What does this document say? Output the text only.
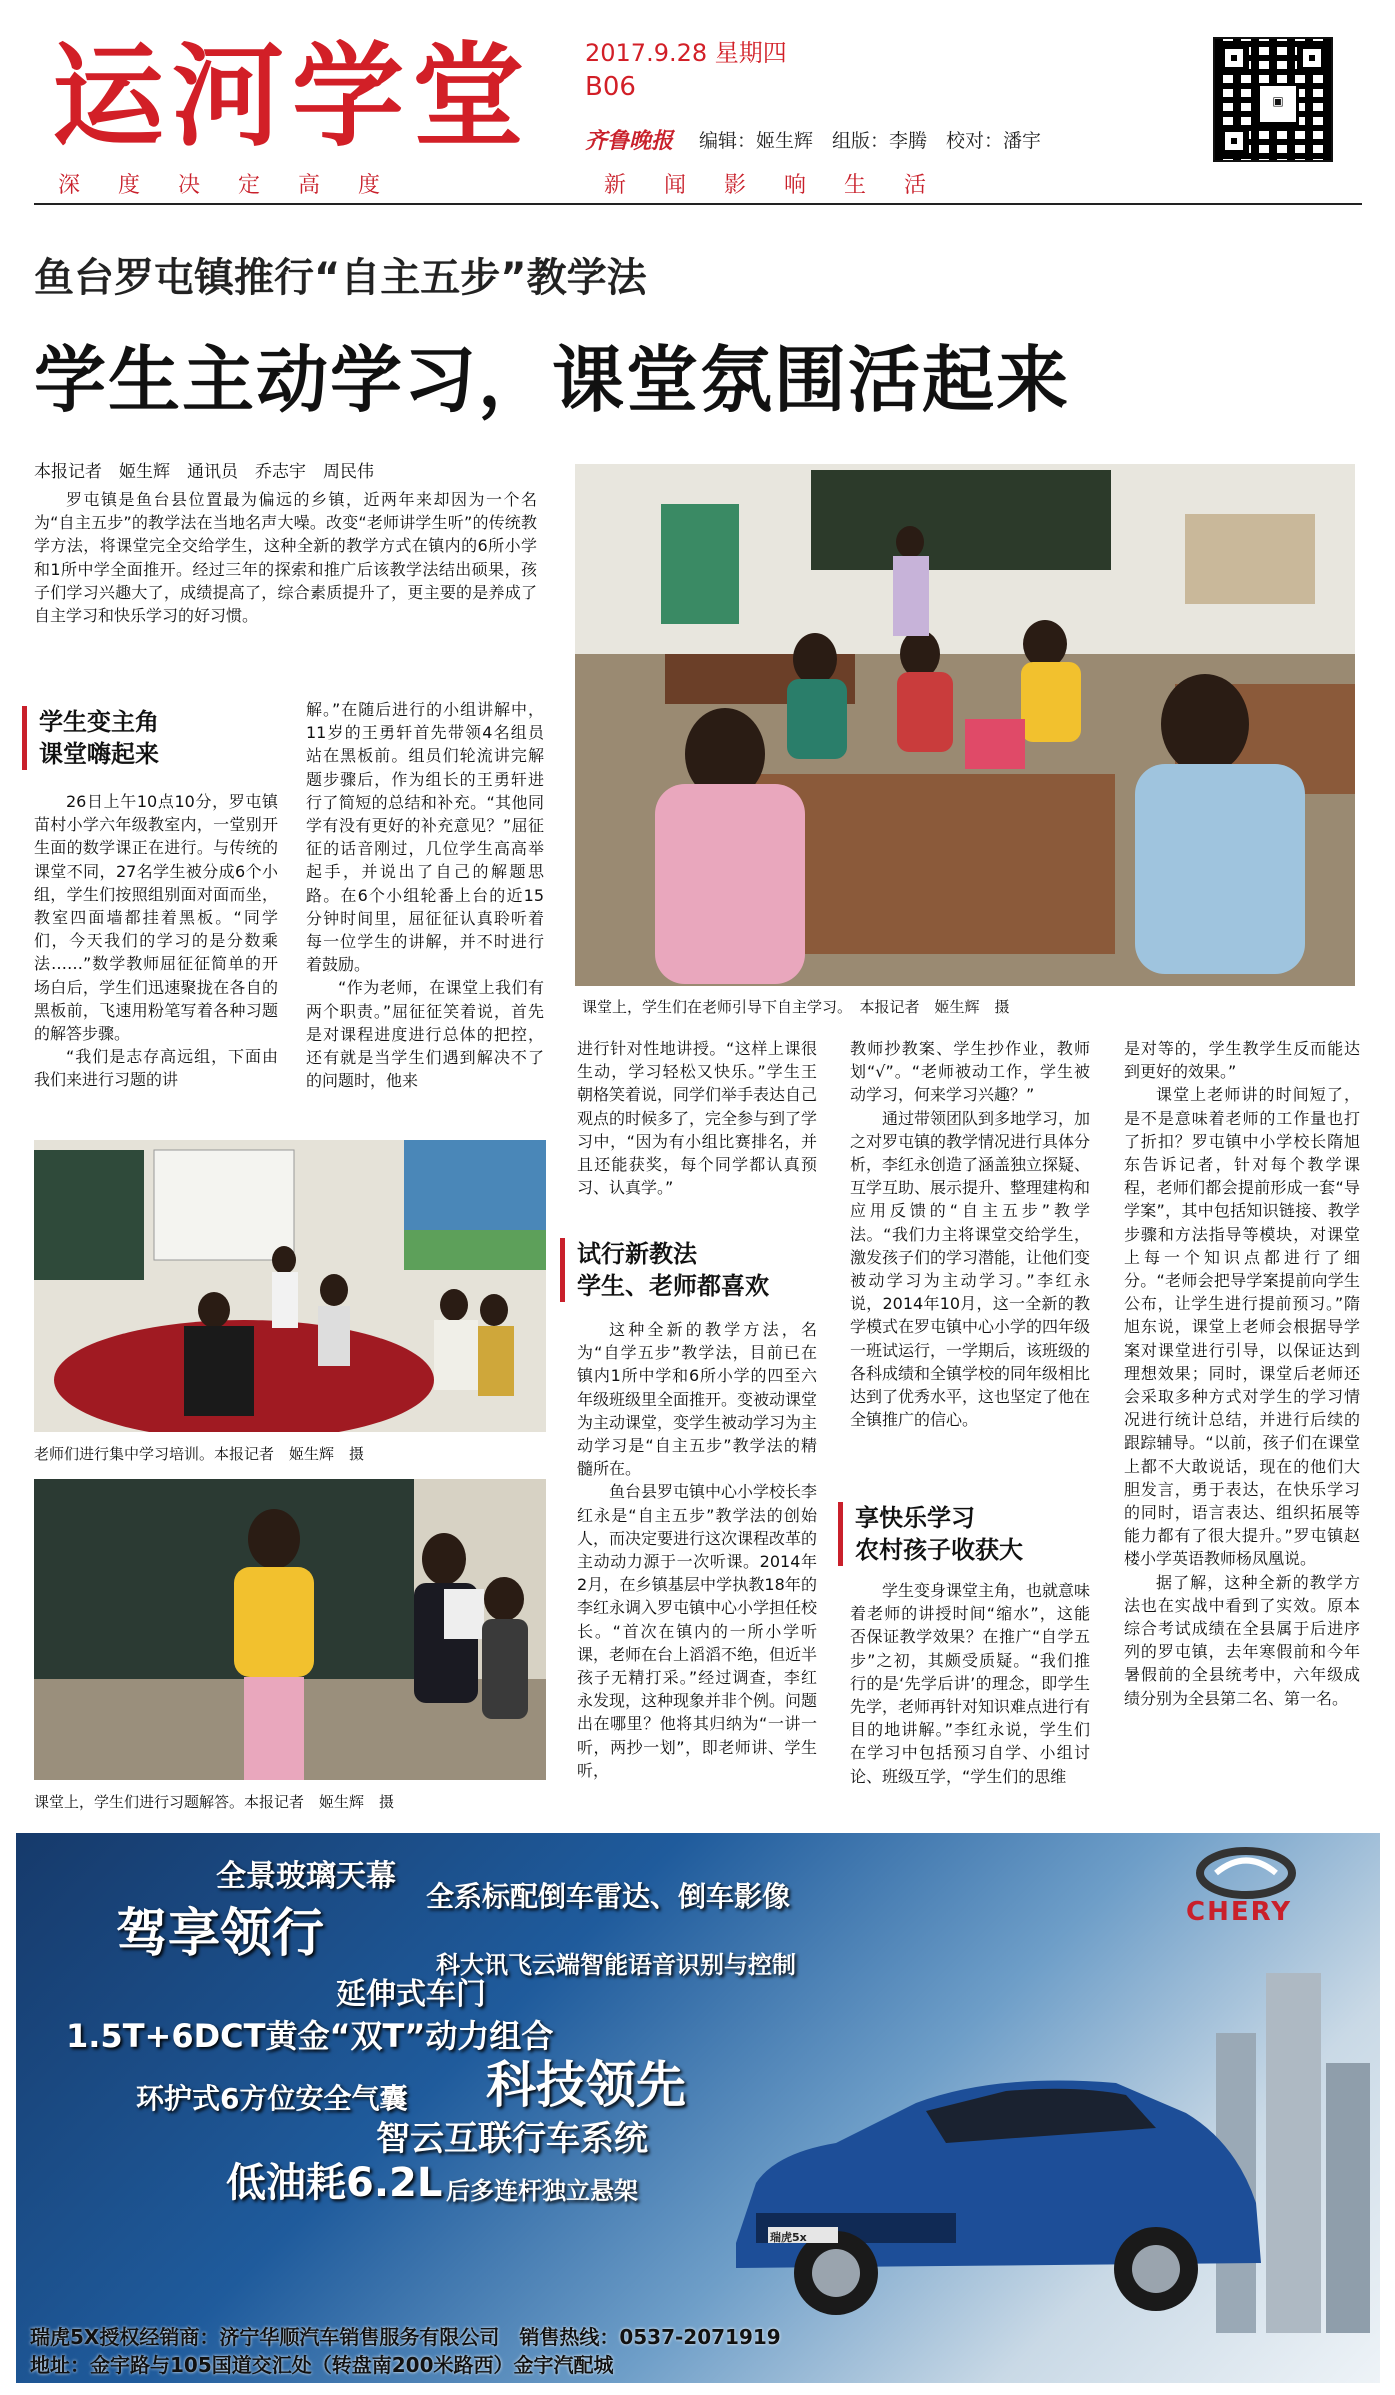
运河学堂 2017.9.28 星期四
B06
齐鲁晚报 编辑：姬生辉　组版：李腾　校对：潘宇
▣
深度决定高度	新闻影响生活
鱼台罗屯镇推行“自主五步”教学法
学生主动学习，课堂氛围活起来
本报记者　姬生辉　通讯员　乔志宇　周民伟

罗屯镇是鱼台县位置最为偏远的乡镇，近两年来却因为一个名为“自主五步”的教学法在当地名声大噪。改变“老师讲学生听”的传统教学方法，将课堂完全交给学生，这种全新的教学方式在镇内的6所小学和1所中学全面推开。经过三年的探索和推广后该教学法结出硕果，孩子们学习兴趣大了，成绩提高了，综合素质提升了，更主要的是养成了自主学习和快乐学习的好习惯。

学生变主角
课堂嗨起来

26日上午10点10分，罗屯镇苗村小学六年级教室内，一堂别开生面的数学课正在进行。与传统的课堂不同，27名学生被分成6个小组，学生们按照组别面对面而坐，教室四面墙都挂着黑板。“同学们，今天我们的学习的是分数乘法……”数学教师屈征征简单的开场白后，学生们迅速聚拢在各自的黑板前，飞速用粉笔写着各种习题的解答步骤。

“我们是志存高远组，下面由我们来进行习题的讲

解。”在随后进行的小组讲解中，11岁的王勇轩首先带领4名组员站在黑板前。组员们轮流讲完解题步骤后，作为组长的王勇轩进行了简短的总结和补充。“其他同学有没有更好的补充意见？”屈征征的话音刚过，几位学生高高举起手，并说出了自己的解题思路。在6个小组轮番上台的近15分钟时间里，屈征征认真聆听着每一位学生的讲解，并不时进行着鼓励。

“作为老师，在课堂上我们有两个职责。”屈征征笑着说，首先是对课程进度进行总体的把控，还有就是当学生们遇到解决不了的问题时，他来

课堂上，学生们在老师引导下自主学习。　本报记者　姬生辉　摄

进行针对性地讲授。“这样上课很生动，学习轻松又快乐。”学生王朝格笑着说，同学们举手表达自己观点的时候多了，完全参与到了学习中，“因为有小组比赛排名，并且还能获奖，每个同学都认真预习、认真学。”

试行新教法
学生、老师都喜欢

这种全新的教学方法，名为“自学五步”教学法，目前已在镇内1所中学和6所小学的四至六年级班级里全面推开。变被动课堂为主动课堂，变学生被动学习为主动学习是“自主五步”教学法的精髓所在。

鱼台县罗屯镇中心小学校长李红永是“自主五步”教学法的创始人，而决定要进行这次课程改革的主动动力源于一次听课。2014年2月，在乡镇基层中学执教18年的李红永调入罗屯镇中心小学担任校长。“首次在镇内的一所小学听课，老师在台上滔滔不绝，但近半孩子无精打采。”经过调查，李红永发现，这种现象并非个例。问题出在哪里？他将其归纳为“一讲一听，两抄一划”，即老师讲、学生听，

教师抄教案、学生抄作业，教师划“√”。“老师被动工作，学生被动学习，何来学习兴趣？”

通过带领团队到多地学习，加之对罗屯镇的教学情况进行具体分析，李红永创造了涵盖独立探疑、互学互助、展示提升、整理建构和应用反馈的“自主五步”教学法。“我们力主将课堂交给学生，激发孩子们的学习潜能，让他们变被动学习为主动学习。”李红永说，2014年10月，这一全新的教学模式在罗屯镇中心小学的四年级一班试运行，一学期后，该班级的各科成绩和全镇学校的同年级相比达到了优秀水平，这也坚定了他在全镇推广的信心。

享快乐学习
农村孩子收获大

学生变身课堂主角，也就意味着老师的讲授时间“缩水”，这能否保证教学效果？在推广“自学五步”之初，其颇受质疑。“我们推行的是‘先学后讲’的理念，即学生先学，老师再针对知识难点进行有目的地讲解。”李红永说，学生们在学习中包括预习自学、小组讨论、班级互学，“学生们的思维

是对等的，学生教学生反而能达到更好的效果。”

课堂上老师讲的时间短了，是不是意味着老师的工作量也打了折扣？罗屯镇中小学校长隋旭东告诉记者，针对每个教学课程，老师们都会提前形成一套“导学案”，其中包括知识链接、教学步骤和方法指导等模块，对课堂上每一个知识点都进行了细分。“老师会把导学案提前向学生公布，让学生进行提前预习。”隋旭东说，课堂上老师会根据导学案对课堂进行引导，以保证达到理想效果；同时，课堂后老师还会采取多种方式对学生的学习情况进行统计总结，并进行后续的跟踪辅导。“以前，孩子们在课堂上都不大敢说话，现在的他们大胆发言，勇于表达，在快乐学习的同时，语言表达、组织拓展等能力都有了很大提升。”罗屯镇赵楼小学英语教师杨凤凰说。

据了解，这种全新的教学方法也在实战中看到了实效。原本综合考试成绩在全县属于后进序列的罗屯镇，去年寒假前和今年暑假前的全县统考中，六年级成绩分别为全县第二名、第一名。

老师们进行集中学习培训。本报记者　姬生辉　摄
课堂上，学生们进行习题解答。本报记者　姬生辉　摄
CHERY
全景玻璃天幕
全系标配倒车雷达、倒车影像
驾享领行
科大讯飞云端智能语音识别与控制
延伸式车门
1.5T+6DCT黄金“双T”动力组合
科技领先
环护式6方位安全气囊
智云互联行车系统
低油耗6.2L 后多连杆独立悬架
瑞虎5x
瑞虎5X授权经销商：济宁华顺汽车销售服务有限公司　销售热线：0537-2071919
地址：金宇路与105国道交汇处（转盘南200米路西）金宇汽配城
